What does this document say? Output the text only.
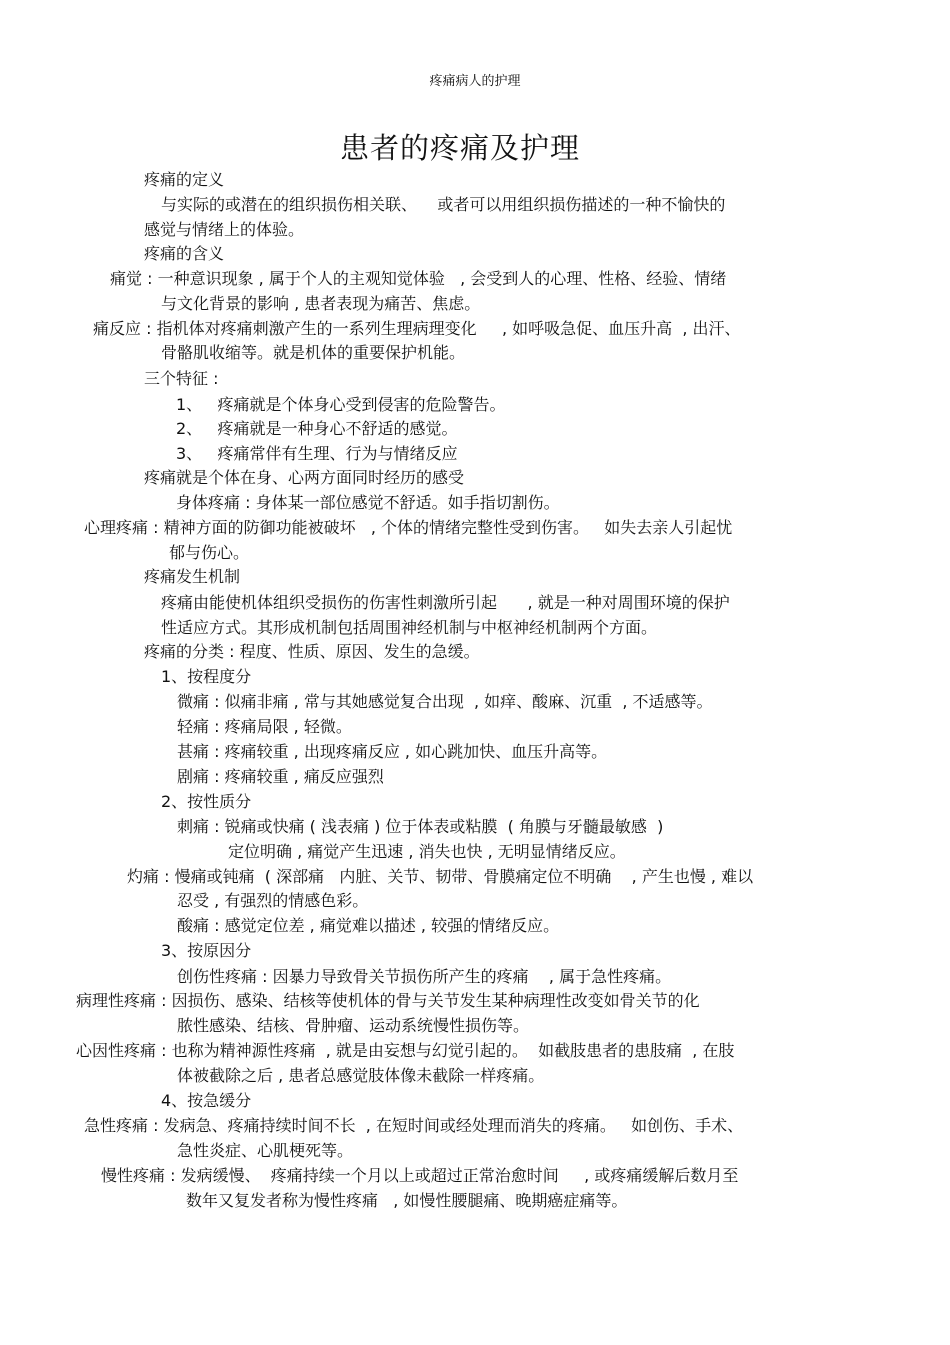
疼痛病人的护理
患者的疼痛及护理
疼痛的定义
与实际的或潜在的组织损伤相关联、    或者可以用组织损伤描述的一种不愉快的
感觉与情绪上的体验。
疼痛的含义
痛觉 : 一种意识现象 , 属于个人的主观知觉体验   , 会受到人的心理、性格、经验、情绪
与文化背景的影响 , 患者表现为痛苦、焦虑。
痛反应 : 指机体对疼痛刺激产生的一系列生理病理变化     , 如呼吸急促、血压升高  , 出汗、
骨骼肌收缩等。就是机体的重要保护机能。
三个特征 :
1、   疼痛就是个体身心受到侵害的危险警告。
2、   疼痛就是一种身心不舒适的感觉。
3、   疼痛常伴有生理、行为与情绪反应
疼痛就是个体在身、心两方面同时经历的感受
身体疼痛 : 身体某一部位感觉不舒适。如手指切割伤。
心理疼痛 : 精神方面的防御功能被破坏   , 个体的情绪完整性受到伤害。   如失去亲人引起忧
郁与伤心。
疼痛发生机制
疼痛由能使机体组织受损伤的伤害性刺激所引起      , 就是一种对周围环境的保护
性适应方式。其形成机制包括周围神经机制与中枢神经机制两个方面。
疼痛的分类 : 程度、性质、原因、发生的急缓。
1、按程度分
微痛 : 似痛非痛 , 常与其她感觉复合出现  , 如痒、酸麻、沉重  , 不适感等。
轻痛 : 疼痛局限 , 轻微。
甚痛 : 疼痛较重 , 出现疼痛反应 , 如心跳加快、血压升高等。
剧痛 : 疼痛较重 , 痛反应强烈
2、按性质分
刺痛 : 锐痛或快痛 ( 浅表痛 ) 位于体表或粘膜  ( 角膜与牙髓最敏感  )
定位明确 , 痛觉产生迅速 , 消失也快 , 无明显情绪反应。
灼痛 : 慢痛或钝痛  ( 深部痛   内脏、关节、韧带、骨膜痛定位不明确    , 产生也慢 , 难以
忍受 , 有强烈的情感色彩。
酸痛 : 感觉定位差 , 痛觉难以描述 , 较强的情绪反应。
3、按原因分
创伤性疼痛 : 因暴力导致骨关节损伤所产生的疼痛    , 属于急性疼痛。
病理性疼痛 : 因损伤、感染、结核等使机体的骨与关节发生某种病理性改变如骨关节的化
脓性感染、结核、骨肿瘤、运动系统慢性损伤等。
心因性疼痛 : 也称为精神源性疼痛  , 就是由妄想与幻觉引起的。  如截肢患者的患肢痛  , 在肢
体被截除之后 , 患者总感觉肢体像未截除一样疼痛。
4、按急缓分
急性疼痛 : 发病急、疼痛持续时间不长  , 在短时间或经处理而消失的疼痛。   如创伤、手术、
急性炎症、心肌梗死等。
慢性疼痛 : 发病缓慢、  疼痛持续一个月以上或超过正常治愈时间     , 或疼痛缓解后数月至
数年又复发者称为慢性疼痛   , 如慢性腰腿痛、晚期癌症痛等。
